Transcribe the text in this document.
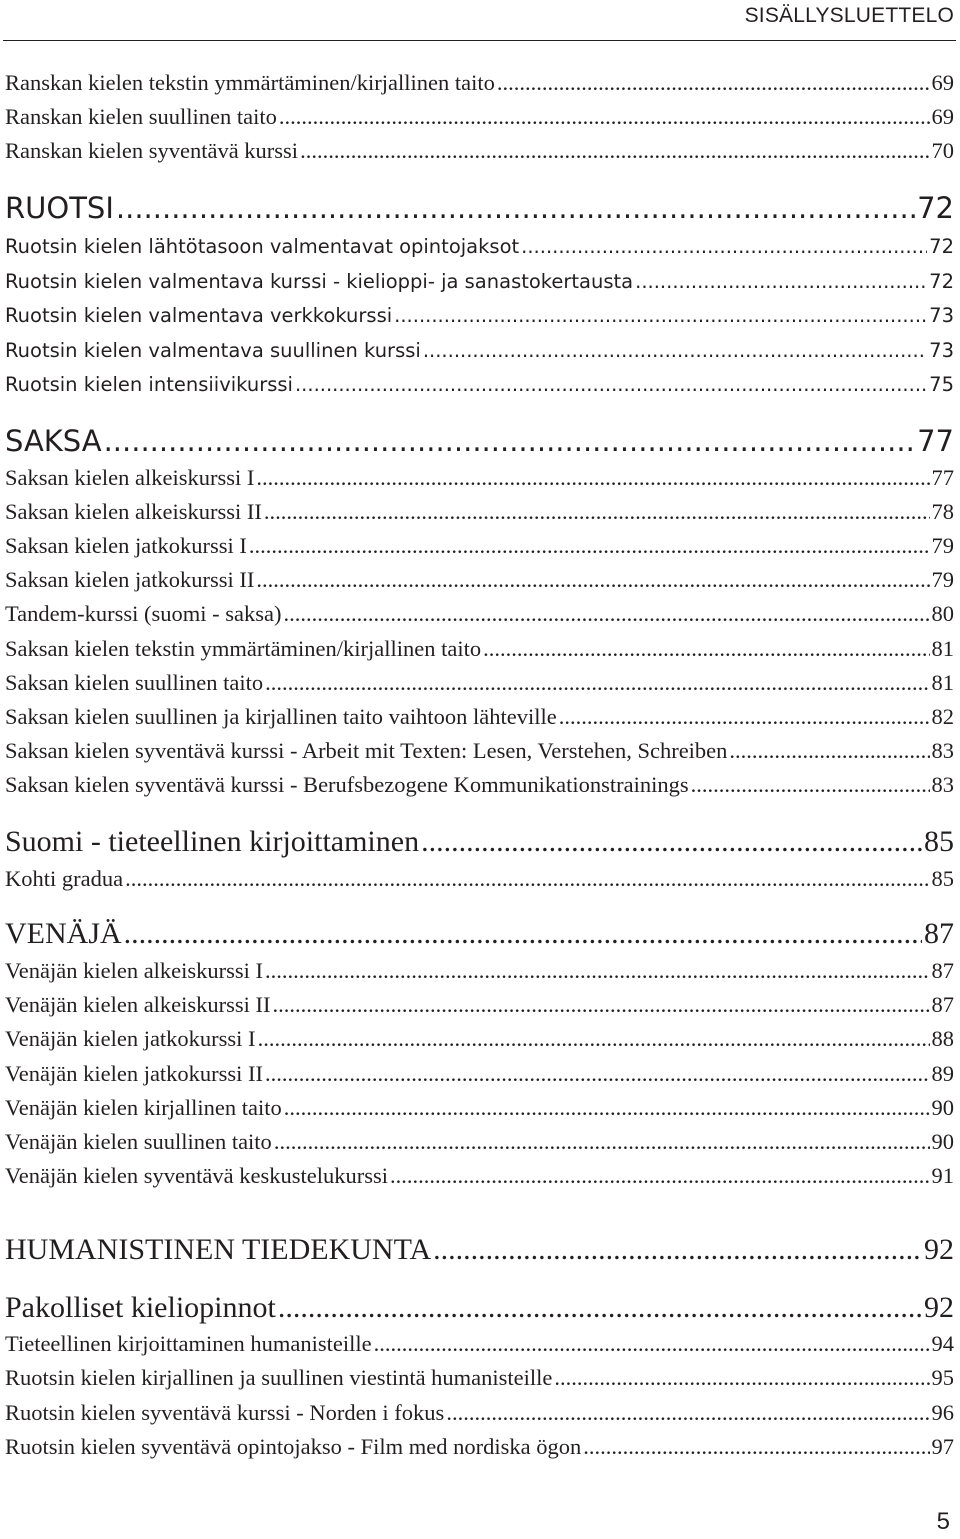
SISÄLLYSLUETTELO
Ranskan kielen tekstin ymmärtäminen/kirjallinen taito .....	69
Ranskan kielen suullinen taito .....	69
Ranskan kielen syventävä kurssi .....	70
RUOTSI .....	72
Ruotsin kielen lähtötasoon valmentavat opintojaksot .....	72
Ruotsin kielen valmentava kurssi - kielioppi- ja sanastokertausta .....	72
Ruotsin kielen valmentava verkkokurssi .....	73
Ruotsin kielen valmentava suullinen kurssi .....	73
Ruotsin kielen intensiivikurssi .....	75
SAKSA .....	77
Saksan kielen alkeiskurssi I .....	77
Saksan kielen alkeiskurssi II .....	78
Saksan kielen jatkokurssi I .....	79
Saksan kielen jatkokurssi II .....	79
Tandem-kurssi (suomi - saksa) .....	80
Saksan kielen tekstin ymmärtäminen/kirjallinen taito .....	81
Saksan kielen suullinen taito .....	81
Saksan kielen suullinen ja kirjallinen taito vaihtoon lähteville .....	82
Saksan kielen syventävä kurssi - Arbeit mit Texten: Lesen, Verstehen, Schreiben .....	83
Saksan kielen syventävä kurssi - Berufsbezogene Kommunikationstrainings .....	83
Suomi - tieteellinen kirjoittaminen .....	85
Kohti gradua .....	85
VENÄJÄ .....	87
Venäjän kielen alkeiskurssi I .....	87
Venäjän kielen alkeiskurssi II .....	87
Venäjän kielen jatkokurssi I .....	88
Venäjän kielen jatkokurssi II .....	89
Venäjän kielen kirjallinen taito .....	90
Venäjän kielen suullinen taito .....	90
Venäjän kielen syventävä keskustelukurssi .....	91
HUMANISTINEN TIEDEKUNTA .....	92
Pakolliset kieliopinnot .....	92
Tieteellinen kirjoittaminen humanisteille .....	94
Ruotsin kielen kirjallinen ja suullinen viestintä humanisteille .....	95
Ruotsin kielen syventävä kurssi - Norden i fokus .....	96
Ruotsin kielen syventävä opintojakso - Film med nordiska ögon .....	97
5
